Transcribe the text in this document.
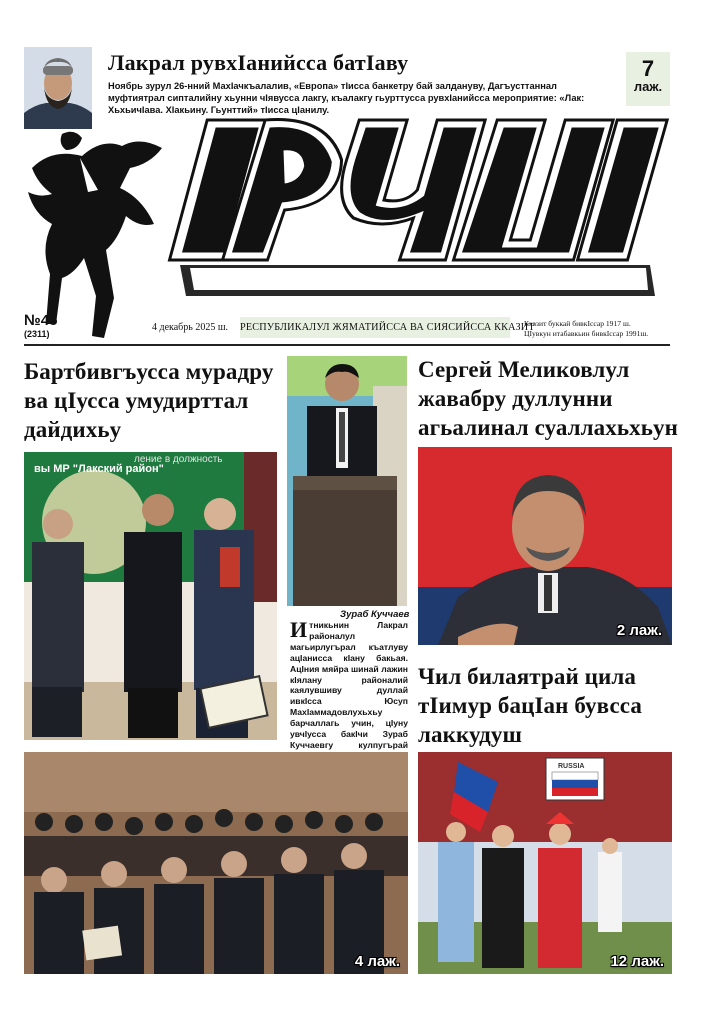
Лакрал рувхIанийсса батIаву
Ноябрь зурул 26-нний МахIачкъалалив, «Европа» тIисса банкетру бай залдануву, Дагъусттаннал муфтиятрал сипталийну хьунни чIявусса лакгу, къалакгу гьурттусса рувхIанийсса мероприятие: «Лак: ХьхьичIава. ХIакьину. Гьунттий» тIисса цIанилу.
7
лаж.
№45
(2311)
4 декабрь 2025 ш. РЕСПУБЛИКАЛУЛ ЖЯМАТИЙССА ВА СИЯСИЙССА ККАЗИТ
Кказит буккай бивкIссар 1917 ш.
ЦIувкун итабавкьин бивкIссар 1991ш.
Бартбивгъусса мурадру ва цIусса умудирттал дайдихьу
Сергей Меликовлул жавабру дуллунни агьалинал суаллахьхьун
Чил билаятрай цила тIимур бацIан бувсса лаккудуш
вы МР "Лакский район"
ление в должность
Зураб Куччаев
Итникьнин Лакрал районалул магьирлугърал къатлуву ацIанисса кIану бакьая. АцIния мяйра шинай лажин кIялану районалий каялувшиву дуллай ивкIсса Юсуп МахIаммадовлухьхьу барчаллагь учин, цIуну увчIусса бакIчи Зураб Куччаевгу кулпугърай
2 лаж.
4 лаж.
RUSSIA
12 лаж.
